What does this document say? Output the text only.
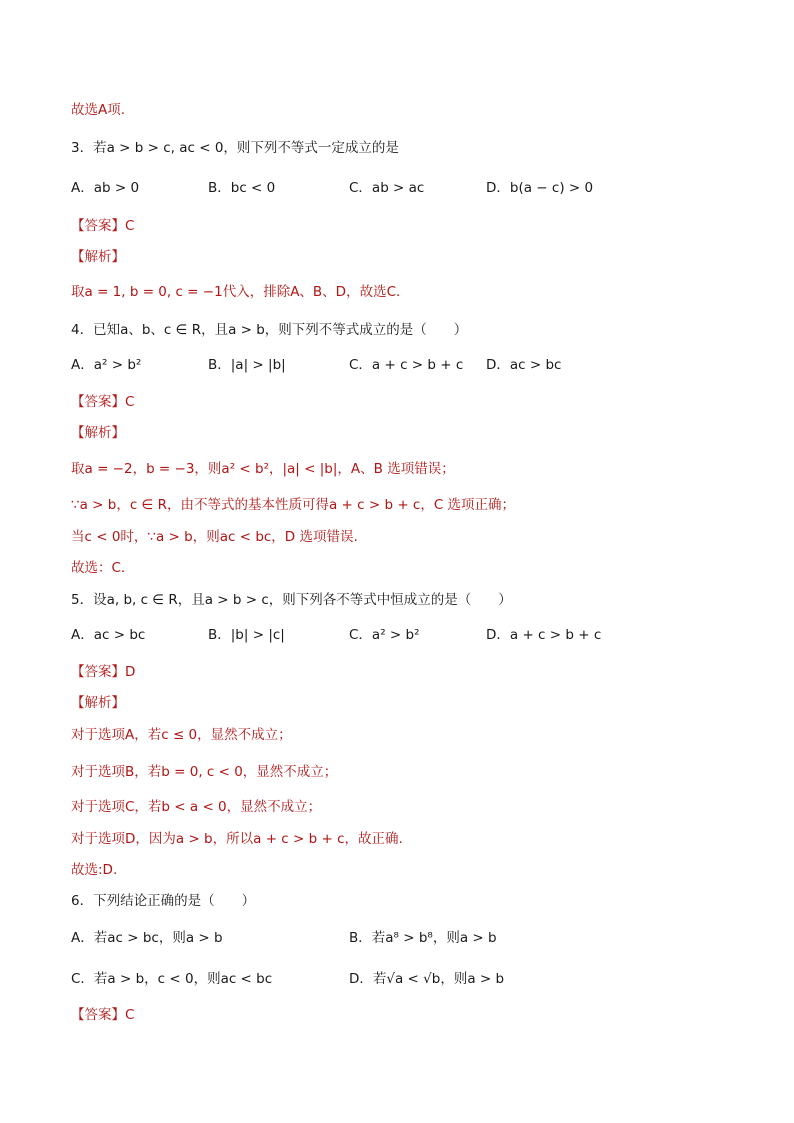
故选A项.
3．若a > b > c, ac < 0，则下列不等式一定成立的是
A．ab > 0	B．bc < 0	C．ab > ac	D．b(a − c) > 0
【答案】C
【解析】
取a = 1, b = 0, c = −1代入，排除A、B、D，故选C.
4．已知a、b、c ∈ R，且a > b，则下列不等式成立的是（　　）
A．a² > b²	B．|a| > |b|	C．a + c > b + c D．ac > bc
【答案】C
【解析】
取a = −2，b = −3，则a² < b²，|a| < |b|，A、B 选项错误；
∵a > b，c ∈ R，由不等式的基本性质可得a + c > b + c，C 选项正确；
当c < 0时，∵a > b，则ac < bc，D 选项错误.
故选：C.
5．设a, b, c ∈ R，且a > b > c，则下列各不等式中恒成立的是（　　）
A．ac > bc	B．|b| > |c|	C．a² > b²	D．a + c > b + c
【答案】D
【解析】
对于选项A，若c ≤ 0，显然不成立；
对于选项B，若b = 0, c < 0，显然不成立；
对于选项C，若b < a < 0，显然不成立；
对于选项D，因为a > b，所以a + c > b + c，故正确.
故选:D.
6．下列结论正确的是（　　）
A．若ac > bc，则a > b	B．若a⁸ > b⁸，则a > b
C．若a > b，c < 0，则ac < bc	D．若√a < √b，则a > b
【答案】C
